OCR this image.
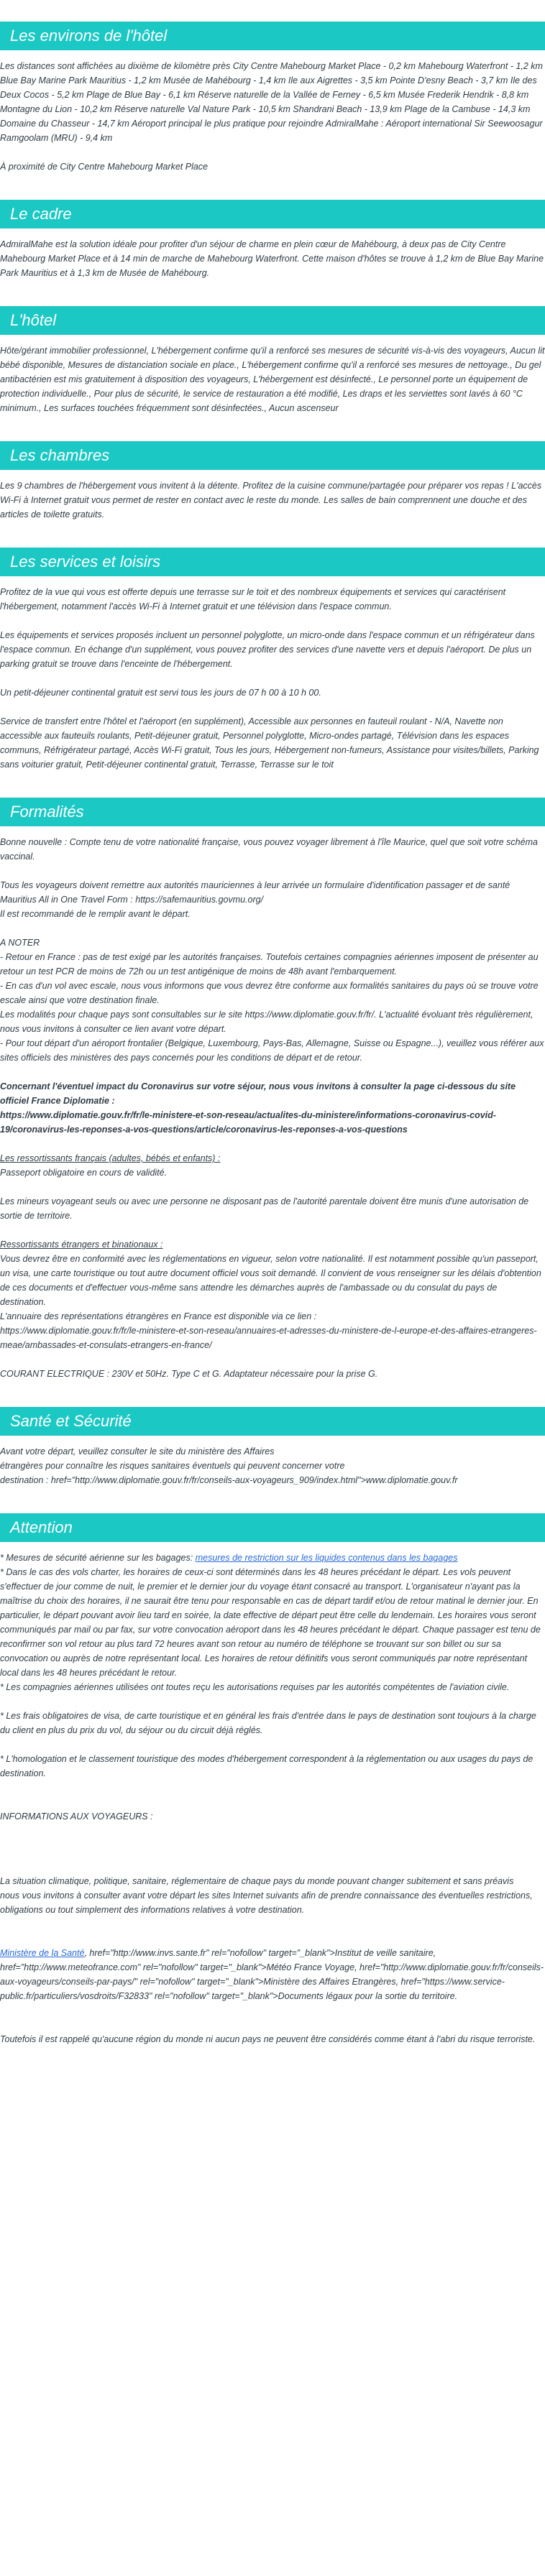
Les environs de l'hôtel

Les distances sont affichées au dixième de kilomètre près City Centre Mahebourg Market Place - 0,2 km Mahebourg Waterfront - 1,2 km Blue Bay Marine Park Mauritius - 1,2 km Musée de Mahébourg - 1,4 km Ile aux Aigrettes - 3,5 km Pointe D'esny Beach - 3,7 km Ile des Deux Cocos - 5,2 km Plage de Blue Bay - 6,1 km Réserve naturelle de la Vallée de Ferney - 6,5 km Musée Frederik Hendrik - 8,8 km Montagne du Lion - 10,2 km Réserve naturelle Val Nature Park - 10,5 km Shandrani Beach - 13,9 km Plage de la Cambuse - 14,3 km Domaine du Chasseur - 14,7 km Aéroport principal le plus pratique pour rejoindre AdmiralMahe : Aéroport international Sir Seewoosagur Ramgoolam (MRU) - 9,4 km

À proximité de City Centre Mahebourg Market Place

Le cadre

AdmiralMahe est la solution idéale pour profiter d'un séjour de charme en plein cœur de Mahébourg, à deux pas de City Centre Mahebourg Market Place et à 14 min de marche de Mahebourg Waterfront. Cette maison d'hôtes se trouve à 1,2 km de Blue Bay Marine Park Mauritius et à 1,3 km de Musée de Mahébourg.

L'hôtel

Hôte/gérant immobilier professionnel, L'hébergement confirme qu'il a renforcé ses mesures de sécurité vis-à-vis des voyageurs, Aucun lit bébé disponible, Mesures de distanciation sociale en place., L'hébergement confirme qu'il a renforcé ses mesures de nettoyage., Du gel antibactérien est mis gratuitement à disposition des voyageurs, L'hébergement est désinfecté., Le personnel porte un équipement de protection individuelle., Pour plus de sécurité, le service de restauration a été modifié, Les draps et les serviettes sont lavés à 60 °C minimum., Les surfaces touchées fréquemment sont désinfectées., Aucun ascenseur

Les chambres

Les 9 chambres de l'hébergement vous invitent à la détente. Profitez de la cuisine commune/partagée pour préparer vos repas ! L'accès Wi-Fi à Internet gratuit vous permet de rester en contact avec le reste du monde. Les salles de bain comprennent une douche et des articles de toilette gratuits.

Les services et loisirs

Profitez de la vue qui vous est offerte depuis une terrasse sur le toit et des nombreux équipements et services qui caractérisent l'hébergement, notamment l'accès Wi-Fi à Internet gratuit et une télévision dans l'espace commun.

Les équipements et services proposés incluent un personnel polyglotte, un micro-onde dans l'espace commun et un réfrigérateur dans l'espace commun. En échange d'un supplément, vous pouvez profiter des services d'une navette vers et depuis l'aéroport. De plus un parking gratuit se trouve dans l'enceinte de l'hébergement.

Un petit-déjeuner continental gratuit est servi tous les jours de 07 h 00 à 10 h 00.

Service de transfert entre l'hôtel et l'aéroport (en supplément), Accessible aux personnes en fauteuil roulant - N/A, Navette non accessible aux fauteuils roulants, Petit-déjeuner gratuit, Personnel polyglotte, Micro-ondes partagé, Télévision dans les espaces communs, Réfrigérateur partagé, Accès Wi-Fi gratuit, Tous les jours, Hébergement non-fumeurs, Assistance pour visites/billets, Parking sans voiturier gratuit, Petit-déjeuner continental gratuit, Terrasse, Terrasse sur le toit

Formalités

Bonne nouvelle : Compte tenu de votre nationalité française, vous pouvez voyager librement à l'île Maurice, quel que soit votre schéma vaccinal.

Tous les voyageurs doivent remettre aux autorités mauriciennes à leur arrivée un formulaire d'identification passager et de santé Mauritius All in One Travel Form : https://safemauritius.govmu.org/
Il est recommandé de le remplir avant le départ.

A NOTER
- Retour en France : pas de test exigé par les autorités françaises. Toutefois certaines compagnies aériennes imposent de présenter au retour un test PCR de moins de 72h ou un test antigénique de moins de 48h avant l'embarquement.
- En cas d'un vol avec escale, nous vous informons que vous devrez être conforme aux formalités sanitaires du pays où se trouve votre escale ainsi que votre destination finale.
Les modalités pour chaque pays sont consultables sur le site https://www.diplomatie.gouv.fr/fr/. L'actualité évoluant très régulièrement, nous vous invitons à consulter ce lien avant votre départ.
- Pour tout départ d'un aéroport frontalier (Belgique, Luxembourg, Pays-Bas, Allemagne, Suisse ou Espagne...), veuillez vous référer aux sites officiels des ministères des pays concernés pour les conditions de départ et de retour.

Concernant l'éventuel impact du Coronavirus sur votre séjour, nous vous invitons à consulter la page ci-dessous du site officiel France Diplomatie :
https://www.diplomatie.gouv.fr/fr/le-ministere-et-son-reseau/actualites-du-ministere/informations-coronavirus-covid-19/coronavirus-les-reponses-a-vos-questions/article/coronavirus-les-reponses-a-vos-questions

Les ressortissants français (adultes, bébés et enfants) :
Passeport obligatoire en cours de validité.

Les mineurs voyageant seuls ou avec une personne ne disposant pas de l'autorité parentale doivent être munis d'une autorisation de sortie de territoire.

Ressortissants étrangers et binationaux :
Vous devrez être en conformité avec les réglementations en vigueur, selon votre nationalité. Il est notamment possible qu'un passeport, un visa, une carte touristique ou tout autre document officiel vous soit demandé. Il convient de vous renseigner sur les délais d'obtention de ces documents et d'effectuer vous-même sans attendre les démarches auprès de l'ambassade ou du consulat du pays de destination.
L'annuaire des représentations étrangères en France est disponible via ce lien :
https://www.diplomatie.gouv.fr/fr/le-ministere-et-son-reseau/annuaires-et-adresses-du-ministere-de-l-europe-et-des-affaires-etrangeres-meae/ambassades-et-consulats-etrangers-en-france/

COURANT ELECTRIQUE : 230V et 50Hz. Type C et G. Adaptateur nécessaire pour la prise G.

Santé et Sécurité

Avant votre départ, veuillez consulter le site du ministère des Affaires
étrangères pour connaître les risques sanitaires éventuels qui peuvent concerner votre
destination : href="http://www.diplomatie.gouv.fr/fr/conseils-aux-voyageurs_909/index.html">www.diplomatie.gouv.fr

Attention

* Mesures de sécurité aérienne sur les bagages: mesures de restriction sur les liquides contenus dans les bagages
* Dans le cas des vols charter, les horaires de ceux-ci sont déterminés dans les 48 heures précédant le départ. Les vols peuvent s'effectuer de jour comme de nuit, le premier et le dernier jour du voyage étant consacré au transport. L'organisateur n'ayant pas la maîtrise du choix des horaires, il ne saurait être tenu pour responsable en cas de départ tardif et/ou de retour matinal le dernier jour. En particulier, le départ pouvant avoir lieu tard en soirée, la date effective de départ peut être celle du lendemain. Les horaires vous seront communiqués par mail ou par fax, sur votre convocation aéroport dans les 48 heures précédant le départ. Chaque passager est tenu de reconfirmer son vol retour au plus tard 72 heures avant son retour au numéro de téléphone se trouvant sur son billet ou sur sa convocation ou auprès de notre représentant local. Les horaires de retour définitifs vous seront communiqués par notre représentant local dans les 48 heures précédant le retour.
* Les compagnies aériennes utilisées ont toutes reçu les autorisations requises par les autorités compétentes de l'aviation civile.

* Les frais obligatoires de visa, de carte touristique et en général les frais d'entrée dans le pays de destination sont toujours à la charge du client en plus du prix du vol, du séjour ou du circuit déjà réglés.

* L'homologation et le classement touristique des modes d'hébergement correspondent à la réglementation ou aux usages du pays de destination.

INFORMATIONS AUX VOYAGEURS :

La situation climatique, politique, sanitaire, réglementaire de chaque pays du monde pouvant changer subitement et sans préavis
nous vous invitons à consulter avant votre départ les sites Internet suivants afin de prendre connaissance des éventuelles restrictions, obligations ou tout simplement des informations relatives à votre destination.

Ministère de la Santé, href="http://www.invs.sante.fr" rel="nofollow" target="_blank">Institut de veille sanitaire, href="http://www.meteofrance.com" rel="nofollow" target="_blank">Météo France Voyage, href="http://www.diplomatie.gouv.fr/fr/conseils-aux-voyageurs/conseils-par-pays/" rel="nofollow" target="_blank">Ministère des Affaires Etrangères, href="https://www.service-public.fr/particuliers/vosdroits/F32833" rel="nofollow" target="_blank">Documents légaux pour la sortie du territoire.

Toutefois il est rappelé qu'aucune région du monde ni aucun pays ne peuvent être considérés comme étant à l'abri du risque terroriste.
